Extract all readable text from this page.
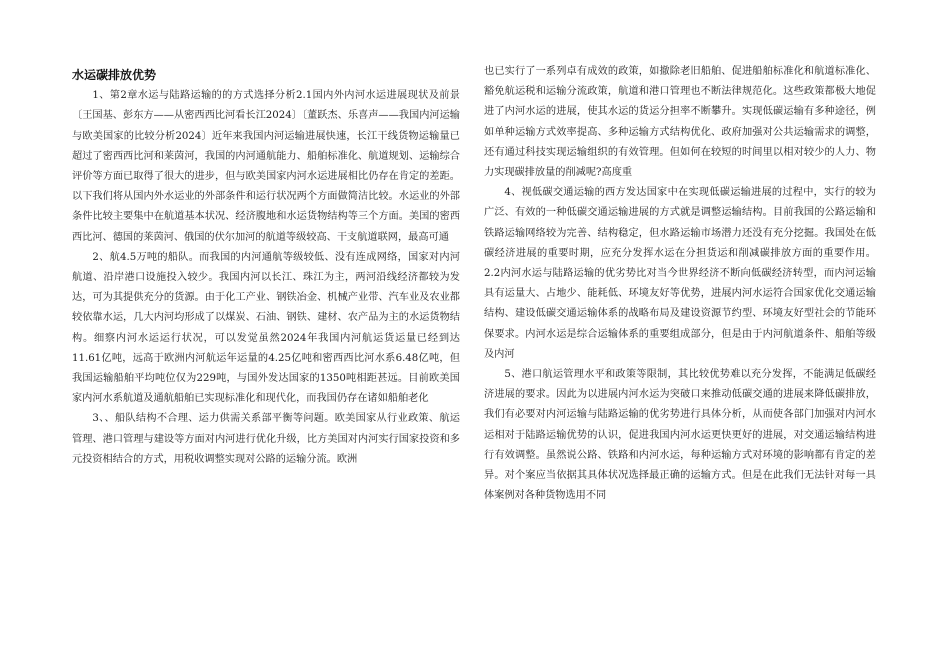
水运碳排放优势

1、第2章水运与陆路运输的的方式选择分析2.1国内外内河水运进展现状及前景〔王国基、彭东方——从密西西比河看长江2024〕〔董跃杰、乐喜声——我国内河运输与欧美国家的比较分析2024〕近年来我国内河运输进展快速，长江干线货物运输量已超过了密西西比河和莱茵河，我国的内河通航能力、船舶标准化、航道规划、运输综合评价等方面已取得了很大的进步，但与欧美国家内河水运进展相比仍存在肯定的差距。以下我们将从国内外水运业的外部条件和运行状况两个方面做简洁比较。水运业的外部条件比较主要集中在航道基本状况、经济腹地和水运货物结构等三个方面。美国的密西西比河、德国的莱茵河、俄国的伏尔加河的航道等级较高、干支航道联网，最高可通

2、航4.5万吨的船队。而我国的内河通航等级较低、没有连成网络，国家对内河航道、沿岸港口设施投入较少。我国内河以长江、珠江为主，两河沿线经济都较为发达，可为其提供充分的货源。由于化工产业、钢铁冶金、机械产业带、汽车业及农业都较依靠水运，几大内河均形成了以煤炭、石油、钢铁、建材、农产品为主的水运货物结构。细察内河水运运行状况，可以发觉虽然2024年我国内河航运货运量已经到达11.61亿吨，远高于欧洲内河航运年运量的4.25亿吨和密西西比河水系6.48亿吨，但我国运输船舶平均吨位仅为229吨，与国外发达国家的1350吨相距甚远。目前欧美国家内河水系航道及通航船舶已实现标准化和现代化，而我国仍存在诸如船舶老化

3、、船队结构不合理、运力供需关系部平衡等问题。欧美国家从行业政策、航运管理、港口管理与建设等方面对内河进行优化升级，比方美国对内河实行国家投资和多元投资相结合的方式，用税收调整实现对公路的运输分流。欧洲

也已实行了一系列卓有成效的政策，如撤除老旧船舶、促进船舶标准化和航道标准化、豁免航运税和运输分流政策，航道和港口管理也不断法律规范化。这些政策都极大地促进了内河水运的进展，使其水运的货运分担率不断攀升。实现低碳运输有多种途径，例如单种运输方式效率提高、多种运输方式结构优化、政府加强对公共运输需求的调整，还有通过科技实现运输组织的有效管理。但如何在较短的时间里以相对较少的人力、物力实现碳排放量的削减呢?高度重

4、视低碳交通运输的西方发达国家中在实现低碳运输进展的过程中，实行的较为广泛、有效的一种低碳交通运输进展的方式就是调整运输结构。目前我国的公路运输和铁路运输网络较为完善、结构稳定，但水路运输市场潜力还没有充分挖掘。我国处在低碳经济进展的重要时期，应充分发挥水运在分担货运和削减碳排放方面的重要作用。2.2内河水运与陆路运输的优劣势比对当今世界经济不断向低碳经济转型，而内河运输具有运量大、占地少、能耗低、环境友好等优势，进展内河水运符合国家优化交通运输结构、建设低碳交通运输体系的战略布局及建设资源节约型、环境友好型社会的节能环保要求。内河水运是综合运输体系的重要组成部分，但是由于内河航道条件、船舶等级及内河

5、港口航运管理水平和政策等限制，其比较优势难以充分发挥，不能满足低碳经济进展的要求。因此为以进展内河水运为突破口来推动低碳交通的进展来降低碳排放，我们有必要对内河运输与陆路运输的优劣势进行具体分析，从而使各部门加强对内河水运相对于陆路运输优势的认识，促进我国内河水运更快更好的进展，对交通运输结构进行有效调整。虽然说公路、铁路和内河水运，每种运输方式对环境的影响都有肯定的差异。对个案应当依据其具体状况选择最正确的运输方式。但是在此我们无法针对每一具体案例对各种货物选用不同
